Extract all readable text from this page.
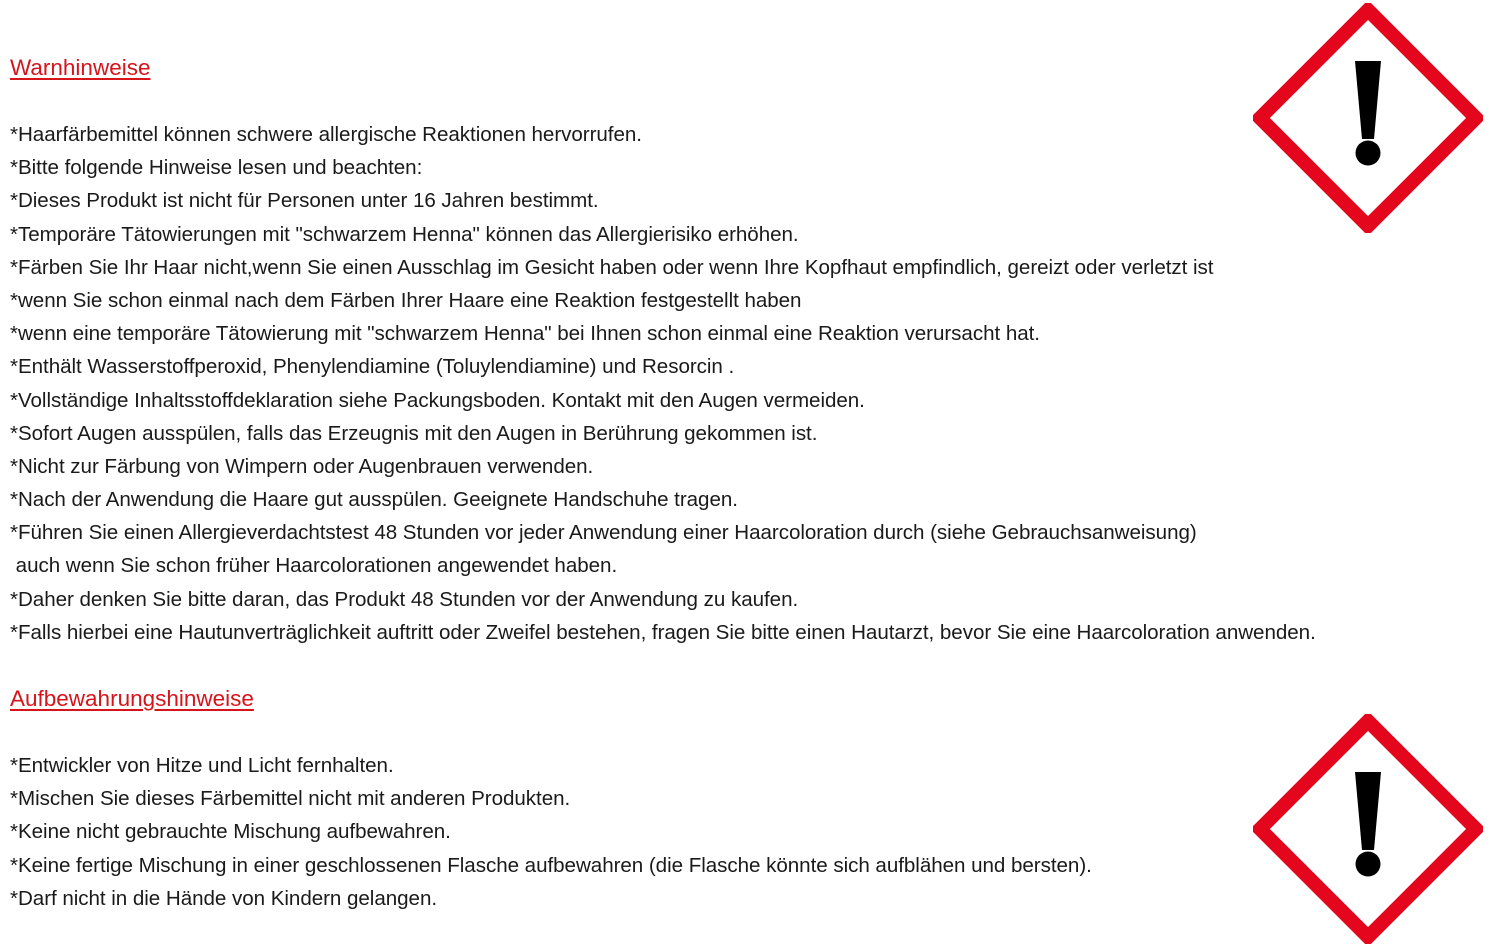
Warnhinweise
*Haarfärbemittel können schwere allergische Reaktionen hervorrufen.
*Bitte folgende Hinweise lesen und beachten:
*Dieses Produkt ist nicht für Personen unter 16 Jahren bestimmt.
*Temporäre Tätowierungen mit "schwarzem Henna" können das Allergierisiko erhöhen.
*Färben Sie Ihr Haar nicht,wenn Sie einen Ausschlag im Gesicht haben oder wenn Ihre Kopfhaut empfindlich, gereizt oder verletzt ist
*wenn Sie schon einmal nach dem Färben Ihrer Haare eine Reaktion festgestellt haben
*wenn eine temporäre Tätowierung mit "schwarzem Henna" bei Ihnen schon einmal eine Reaktion verursacht hat.
*Enthält Wasserstoffperoxid, Phenylendiamine (Toluylendiamine) und Resorcin .
*Vollständige Inhaltsstoffdeklaration siehe Packungsboden. Kontakt mit den Augen vermeiden.
*Sofort Augen ausspülen, falls das Erzeugnis mit den Augen in Berührung gekommen ist.
*Nicht zur Färbung von Wimpern oder Augenbrauen verwenden.
*Nach der Anwendung die Haare gut ausspülen. Geeignete Handschuhe tragen.
*Führen Sie einen Allergieverdachtstest 48 Stunden vor jeder Anwendung einer Haarcoloration durch (siehe Gebrauchsanweisung)
auch wenn Sie schon früher Haarcolorationen angewendet haben.
*Daher denken Sie bitte daran, das Produkt 48 Stunden vor der Anwendung zu kaufen.
*Falls hierbei eine Hautunverträglichkeit auftritt oder Zweifel bestehen, fragen Sie bitte einen Hautarzt, bevor Sie eine Haarcoloration anwenden.
Aufbewahrungshinweise
*Entwickler von Hitze und Licht fernhalten.
*Mischen Sie dieses Färbemittel nicht mit anderen Produkten.
*Keine nicht gebrauchte Mischung aufbewahren.
*Keine fertige Mischung in einer geschlossenen Flasche aufbewahren (die Flasche könnte sich aufblähen und bersten).
*Darf nicht in die Hände von Kindern gelangen.
